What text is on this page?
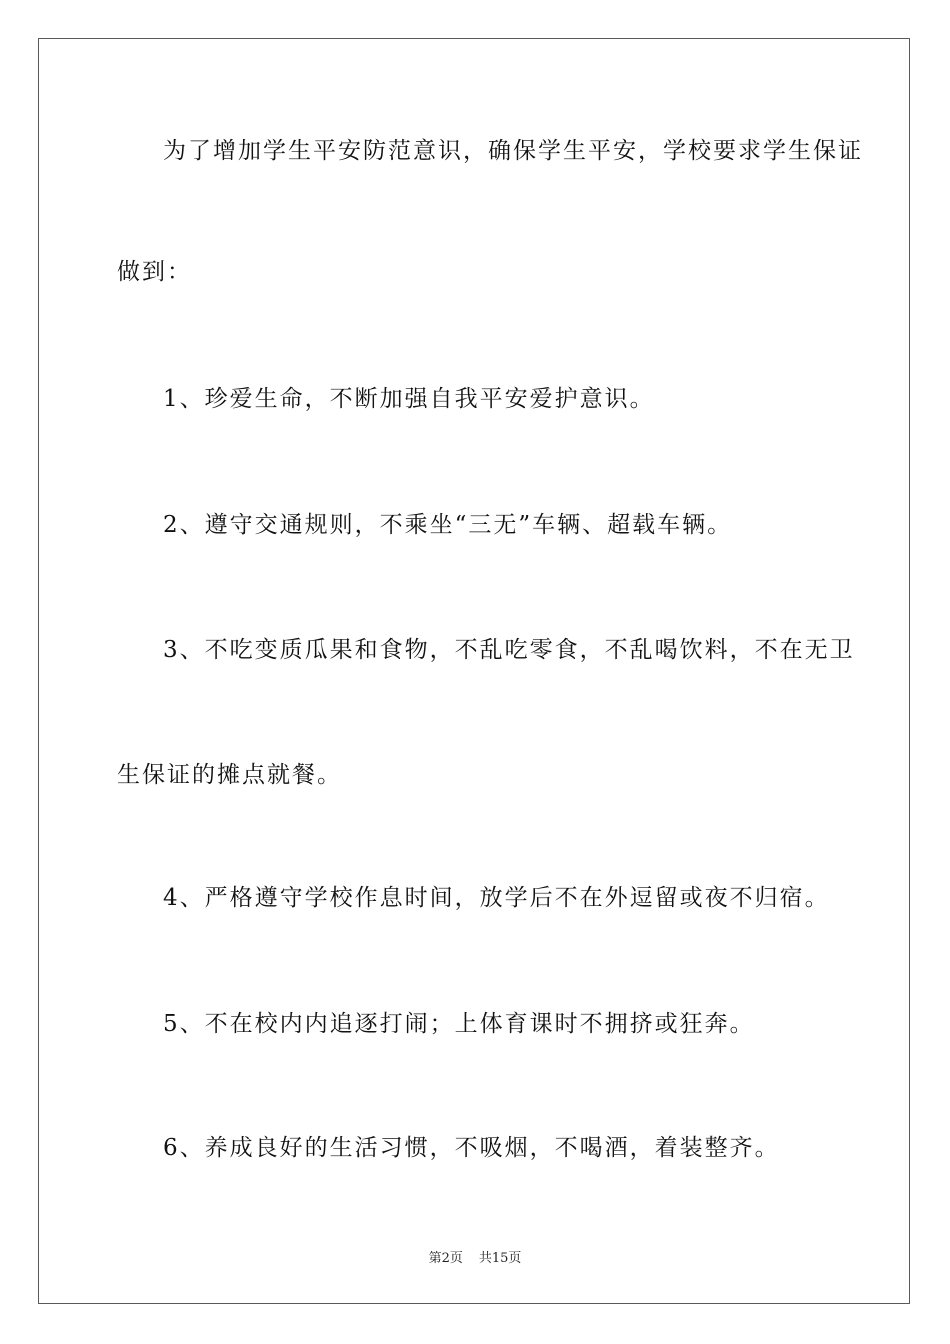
为了增加学生平安防范意识，确保学生平安，学校要求学生保证
做到：
1、珍爱生命，不断加强自我平安爱护意识。
2、遵守交通规则，不乘坐“三无”车辆、超载车辆。
3、不吃变质瓜果和食物，不乱吃零食，不乱喝饮料，不在无卫
生保证的摊点就餐。
4、严格遵守学校作息时间，放学后不在外逗留或夜不归宿。
5、不在校内内追逐打闹；上体育课时不拥挤或狂奔。
6、养成良好的生活习惯，不吸烟，不喝酒，着装整齐。
第2页 共15页
